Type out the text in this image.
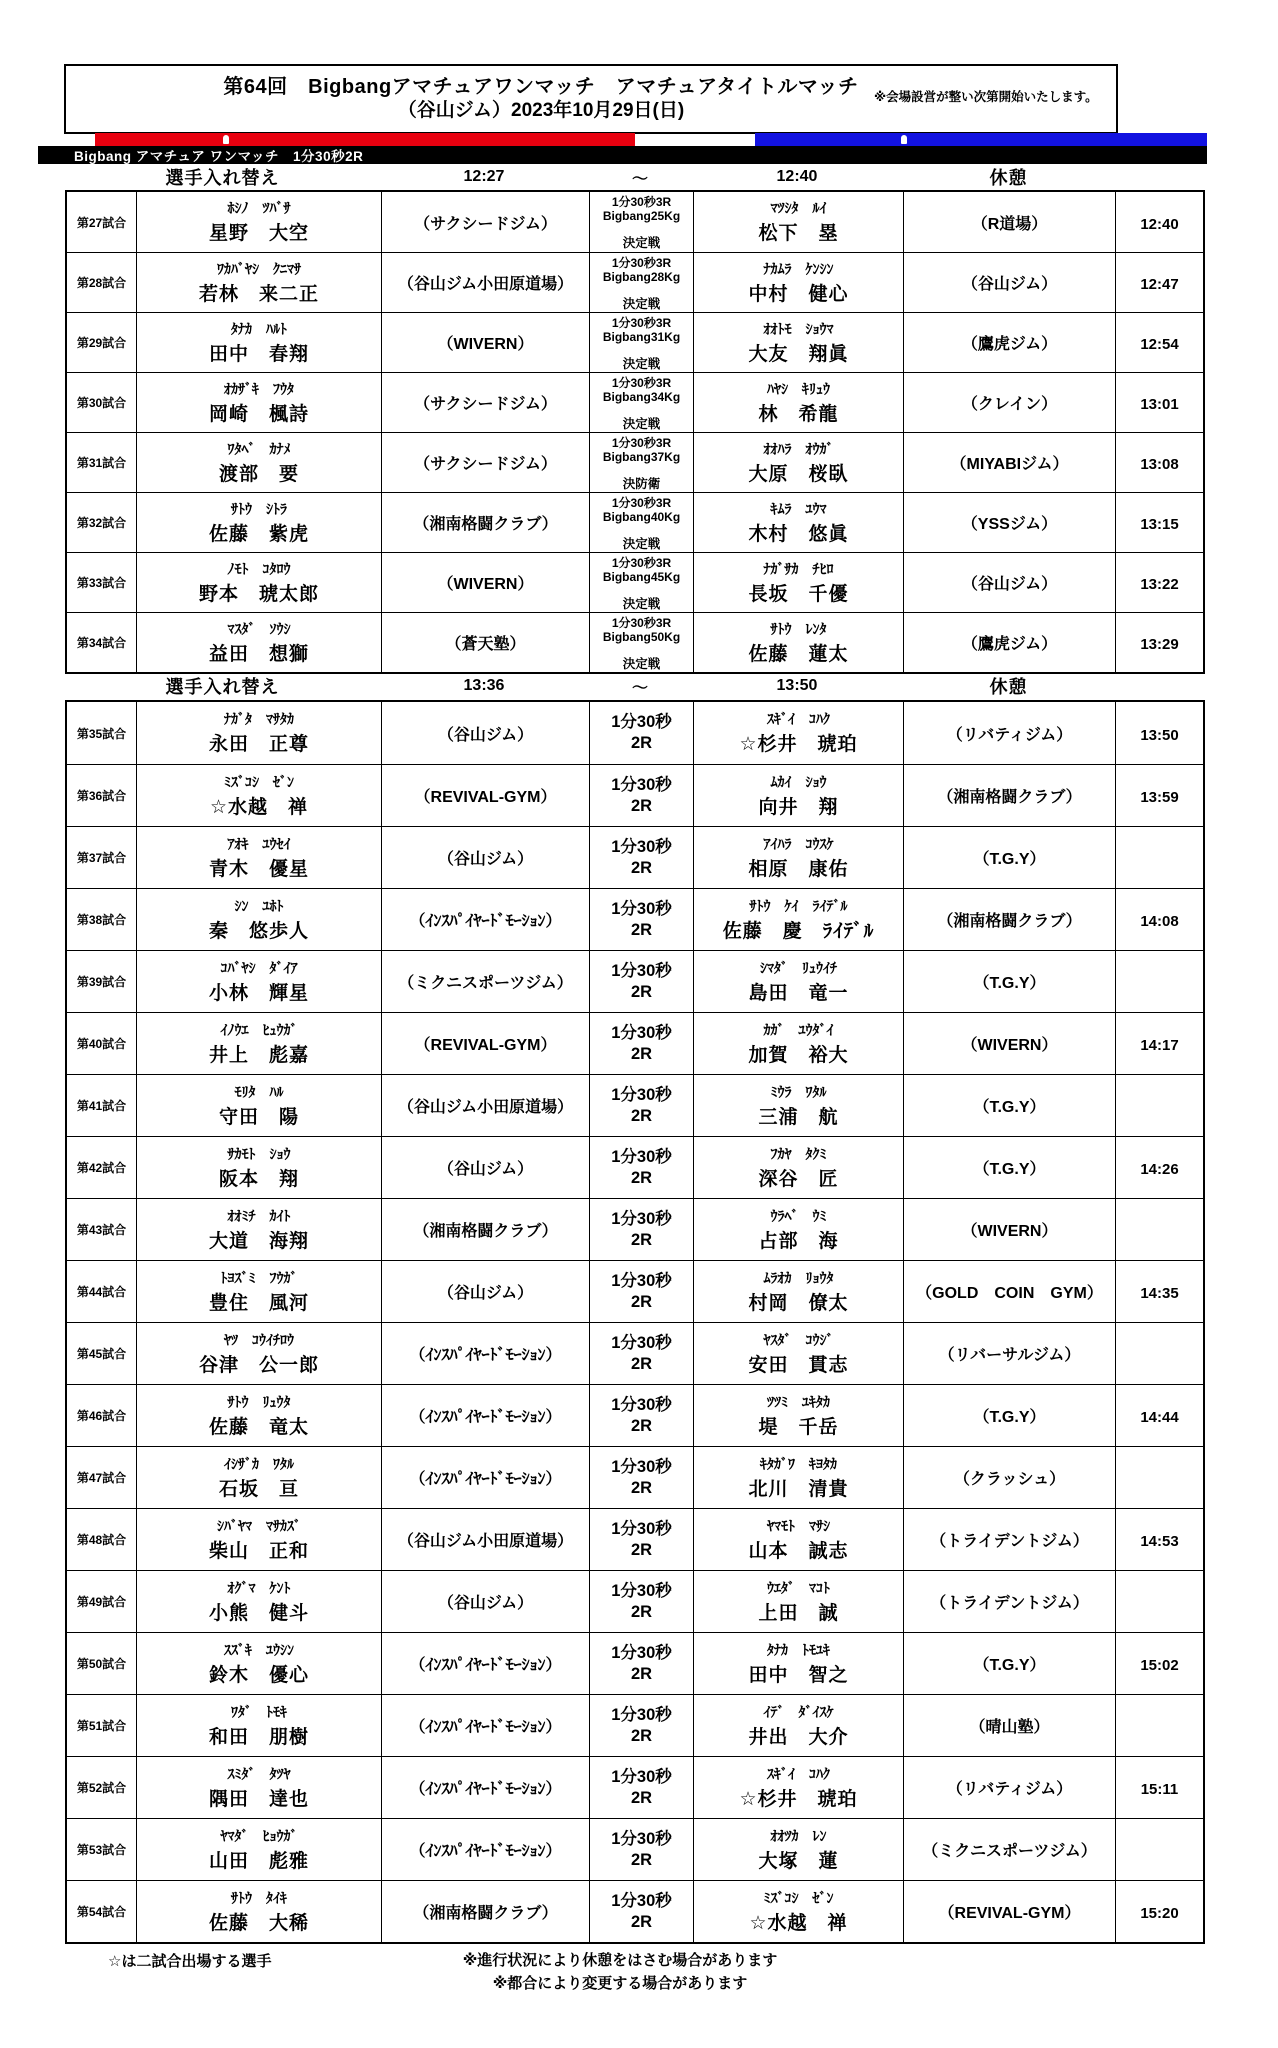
第64回　Bigbangアマチュアワンマッチ　アマチュアタイトルマッチ
（谷山ジム）2023年10月29日(日)
※会場設営が整い次第開始いたします。
Bigbang アマチュア ワンマッチ　1分30秒2R
選手入れ替え	12:27	～	12:40	休憩
第27試合
ﾎｼﾉ　ﾂﾊﾞｻ
星野　大空	（サクシードジム）
1分30秒3R
Bigbang25Kg
決定戦
ﾏﾂｼﾀ　ﾙｲ
松下　塁	（R道場）	12:40
第28試合
ﾜｶﾊﾞﾔｼ　ｸﾆﾏｻ
若林　来二正	（谷山ジム小田原道場）
1分30秒3R
Bigbang28Kg
決定戦
ﾅｶﾑﾗ　ｹﾝｼﾝ
中村　健心	（谷山ジム）	12:47
第29試合
ﾀﾅｶ　ﾊﾙﾄ
田中　春翔	（WIVERN）
1分30秒3R
Bigbang31Kg
決定戦
ｵｵﾄﾓ　ｼｮｳﾏ
大友　翔眞	（鷹虎ジム）	12:54
第30試合
ｵｶｻﾞｷ　ﾌｳﾀ
岡崎　楓詩	（サクシードジム）
1分30秒3R
Bigbang34Kg
決定戦
ﾊﾔｼ　ｷﾘｭｳ
林　希龍	（クレイン）	13:01
第31試合
ﾜﾀﾍﾞ　ｶﾅﾒ
渡部　要	（サクシードジム）
1分30秒3R
Bigbang37Kg
決防衛
ｵｵﾊﾗ　ｵｳｶﾞ
大原　桜臥	（MIYABIジム）	13:08
第32試合
ｻﾄｳ　ｼﾄﾗ
佐藤　紫虎	（湘南格闘クラブ）
1分30秒3R
Bigbang40Kg
決定戦
ｷﾑﾗ　ﾕｳﾏ
木村　悠眞	（YSSジム）	13:15
第33試合
ﾉﾓﾄ　ｺﾀﾛｳ
野本　琥太郎	（WIVERN）
1分30秒3R
Bigbang45Kg
決定戦
ﾅｶﾞｻｶ　ﾁﾋﾛ
長坂　千優	（谷山ジム）	13:22
第34試合
ﾏｽﾀﾞ　ｿｳｼ
益田　想獅	（蒼天塾）
1分30秒3R
Bigbang50Kg
決定戦
ｻﾄｳ　ﾚﾝﾀ
佐藤　蓮太	（鷹虎ジム）	13:29
選手入れ替え	13:36	～	13:50	休憩
第35試合
ﾅｶﾞﾀ　ﾏｻﾀｶ
永田　正尊	（谷山ジム）
1分30秒
2R
ｽｷﾞｲ　ｺﾊｸ
☆杉井　琥珀	（リバティジム）	13:50
第36試合
ﾐｽﾞｺｼ　ｾﾞﾝ
☆水越　禅	（REVIVAL-GYM）
1分30秒
2R
ﾑｶｲ　ｼｮｳ
向井　翔	（湘南格闘クラブ）	13:59
第37試合
ｱｵｷ　ﾕｳｾｲ
青木　優星	（谷山ジム）
1分30秒
2R
ｱｲﾊﾗ　ｺｳｽｹ
相原　康佑	（T.G.Y）
第38試合
ｼﾝ　ﾕﾎﾄ
秦　悠歩人	（ｲﾝｽﾊﾟｲﾔｰﾄﾞﾓｰｼｮﾝ）
1分30秒
2R
ｻﾄｳ　ｹｲ　ﾗｲﾃﾞﾙ
佐藤　慶　ﾗｲﾃﾞﾙ	（湘南格闘クラブ）	14:08
第39試合
ｺﾊﾞﾔｼ　ﾀﾞｲｱ
小林　輝星	（ミクニスポーツジム）
1分30秒
2R
ｼﾏﾀﾞ　ﾘｭｳｲﾁ
島田　竜一	（T.G.Y）
第40試合
ｲﾉｳｴ　ﾋｭｳｶﾞ
井上　彪嘉	（REVIVAL-GYM）
1分30秒
2R
ｶｶﾞ　ﾕｳﾀﾞｲ
加賀　裕大	（WIVERN）	14:17
第41試合
ﾓﾘﾀ　ﾊﾙ
守田　陽	（谷山ジム小田原道場）
1分30秒
2R
ﾐｳﾗ　ﾜﾀﾙ
三浦　航	（T.G.Y）
第42試合
ｻｶﾓﾄ　ｼｮｳ
阪本　翔	（谷山ジム）
1分30秒
2R
ﾌｶﾔ　ﾀｸﾐ
深谷　匠	（T.G.Y）	14:26
第43試合
ｵｵﾐﾁ　ｶｲﾄ
大道　海翔	（湘南格闘クラブ）
1分30秒
2R
ｳﾗﾍﾞ　ｳﾐ
占部　海	（WIVERN）
第44試合
ﾄﾖｽﾞﾐ　ﾌｳｶﾞ
豊住　風河	（谷山ジム）
1分30秒
2R
ﾑﾗｵｶ　ﾘｮｳﾀ
村岡　僚太	（GOLD　COIN　GYM）	14:35
第45試合
ﾔﾂ　ｺｳｲﾁﾛｳ
谷津　公一郎	（ｲﾝｽﾊﾟｲﾔｰﾄﾞﾓｰｼｮﾝ）
1分30秒
2R
ﾔｽﾀﾞ　ｺｳｼﾞ
安田　貫志	（リバーサルジム）
第46試合
ｻﾄｳ　ﾘｭｳﾀ
佐藤　竜太	（ｲﾝｽﾊﾟｲﾔｰﾄﾞﾓｰｼｮﾝ）
1分30秒
2R
ﾂﾂﾐ　ﾕｷﾀｶ
堤　千岳	（T.G.Y）	14:44
第47試合
ｲｼｻﾞｶ　ﾜﾀﾙ
石坂　亘	（ｲﾝｽﾊﾟｲﾔｰﾄﾞﾓｰｼｮﾝ）
1分30秒
2R
ｷﾀｶﾞﾜ　ｷﾖﾀｶ
北川　清貴	（クラッシュ）
第48試合
ｼﾊﾞﾔﾏ　ﾏｻｶｽﾞ
柴山　正和	（谷山ジム小田原道場）
1分30秒
2R
ﾔﾏﾓﾄ　ﾏｻｼ
山本　誠志	（トライデントジム）	14:53
第49試合
ｵｸﾞﾏ　ｹﾝﾄ
小熊　健斗	（谷山ジム）
1分30秒
2R
ｳｴﾀﾞ　ﾏｺﾄ
上田　誠	（トライデントジム）
第50試合
ｽｽﾞｷ　ﾕｳｼﾝ
鈴木　優心	（ｲﾝｽﾊﾟｲﾔｰﾄﾞﾓｰｼｮﾝ）
1分30秒
2R
ﾀﾅｶ　ﾄﾓﾕｷ
田中　智之	（T.G.Y）	15:02
第51試合
ﾜﾀﾞ　ﾄﾓｷ
和田　朋樹	（ｲﾝｽﾊﾟｲﾔｰﾄﾞﾓｰｼｮﾝ）
1分30秒
2R
ｲﾃﾞ　ﾀﾞｲｽｹ
井出　大介	（晴山塾）
第52試合
ｽﾐﾀﾞ　ﾀﾂﾔ
隅田　達也	（ｲﾝｽﾊﾟｲﾔｰﾄﾞﾓｰｼｮﾝ）
1分30秒
2R
ｽｷﾞｲ　ｺﾊｸ
☆杉井　琥珀	（リバティジム）	15:11
第53試合
ﾔﾏﾀﾞ　ﾋｮｳｶﾞ
山田　彪雅	（ｲﾝｽﾊﾟｲﾔｰﾄﾞﾓｰｼｮﾝ）
1分30秒
2R
ｵｵﾂｶ　ﾚﾝ
大塚　蓮	（ミクニスポーツジム）
第54試合
ｻﾄｳ　ﾀｲｷ
佐藤　大稀	（湘南格闘クラブ）
1分30秒
2R
ﾐｽﾞｺｼ　ｾﾞﾝ
☆水越　禅	（REVIVAL-GYM）	15:20
☆は二試合出場する選手	※進行状況により休憩をはさむ場合があります
※都合により変更する場合があります
